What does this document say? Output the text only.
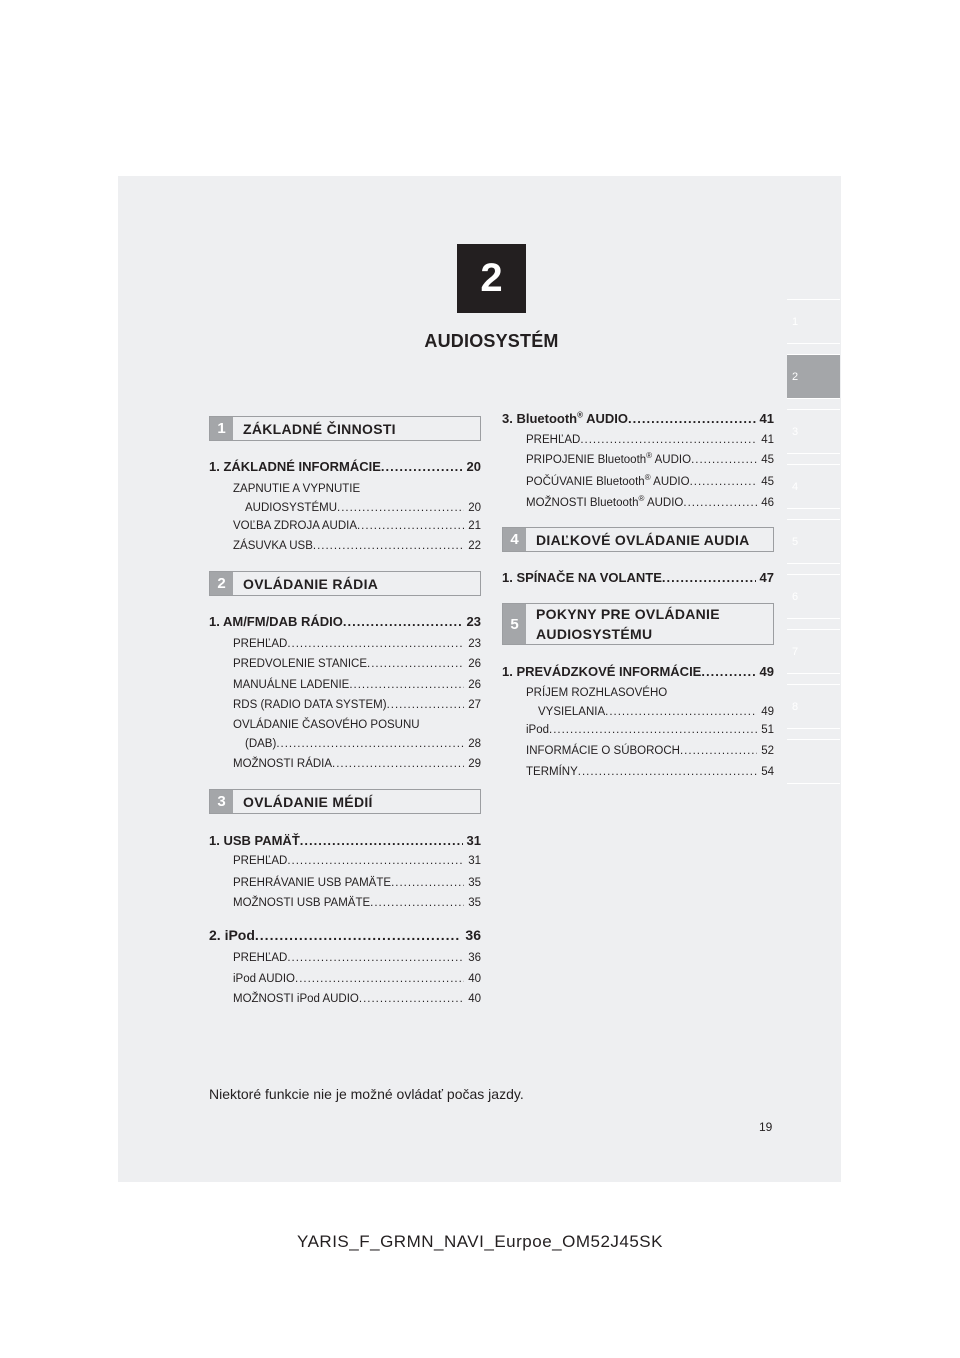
2
AUDIOSYSTÉM
1
2
3
4
5
6
7
8
1	ZÁKLADNÉ ČINNOSTI
1. ZÁKLADNÉ INFORMÁCIE .....	20
ZAPNUTIE A VYPNUTIE
AUDIOSYSTÉMU .....	20
VOĽBA ZDROJA AUDIA .....	21
ZÁSUVKA USB .....	22
2	OVLÁDANIE RÁDIA
1. AM/FM/DAB RÁDIO .....	23
PREHĽAD .....	23
PREDVOLENIE STANICE .....	26
MANUÁLNE LADENIE .....	26
RDS (RADIO DATA SYSTEM) .....	27
OVLÁDANIE ČASOVÉHO POSUNU
(DAB) .....	28
MOŽNOSTI RÁDIA .....	29
3	OVLÁDANIE MÉDIÍ
1. USB PAMÄŤ .....	31
PREHĽAD .....	31
PREHRÁVANIE USB PAMÄTE .....	35
MOŽNOSTI USB PAMÄTE .....	35
2. iPod .....	36
PREHĽAD .....	36
iPod AUDIO .....	40
MOŽNOSTI iPod AUDIO .....	40
3. Bluetooth® AUDIO .....	41
PREHĽAD .....	41
PRIPOJENIE Bluetooth® AUDIO .....	45
POČÚVANIE Bluetooth® AUDIO .....	45
MOŽNOSTI Bluetooth® AUDIO .....	46
4	DIAĽKOVÉ OVLÁDANIE AUDIA
1. SPÍNAČE NA VOLANTE .....	47
5
POKYNY PRE OVLÁDANIE
AUDIOSYSTÉMU
1. PREVÁDZKOVÉ INFORMÁCIE .....	49
PRÍJEM ROZHLASOVÉHO
VYSIELANIA .....	49
iPod .....	51
INFORMÁCIE O SÚBOROCH .....	52
TERMÍNY .....	54
Niektoré funkcie nie je možné ovládať počas jazdy.
19
YARIS_F_GRMN_NAVI_Eurpoe_OM52J45SK
